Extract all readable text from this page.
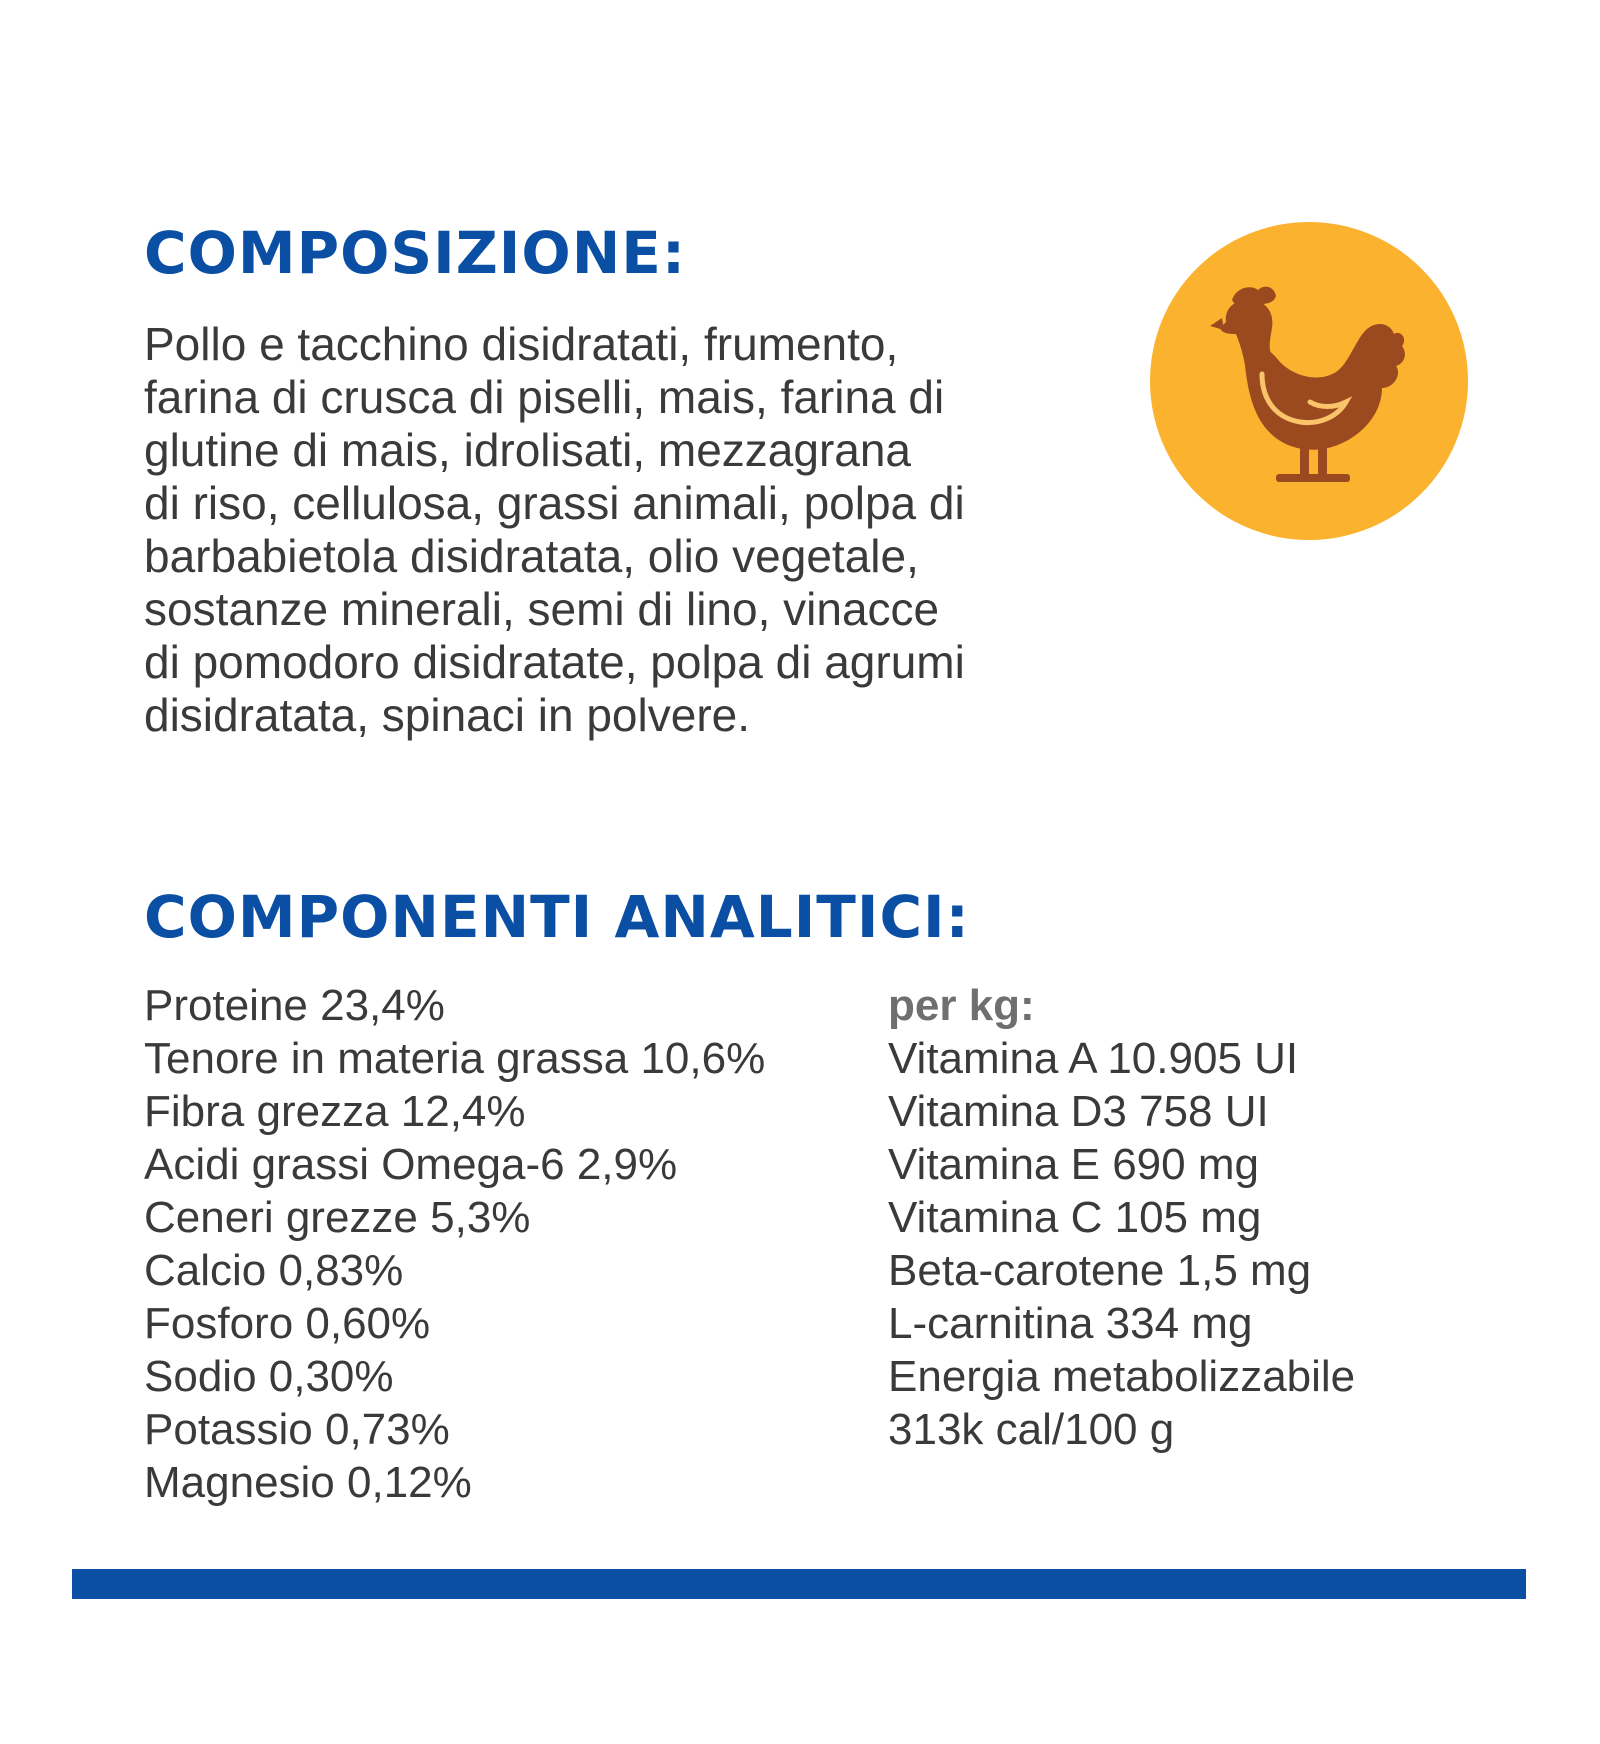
COMPOSIZIONE:

Pollo e tacchino disidratati, frumento,
farina di crusca di piselli, mais, farina di
glutine di mais, idrolisati, mezzagrana
di riso, cellulosa, grassi animali, polpa di
barbabietola disidratata, olio vegetale,
sostanze minerali, semi di lino, vinacce
di pomodoro disidratate, polpa di agrumi
disidratata, spinaci in polvere.

COMPONENTI ANALITICI:
Proteine 23,4%
Tenore in materia grassa 10,6%
Fibra grezza 12,4%
Acidi grassi Omega-6 2,9%
Ceneri grezze 5,3%
Calcio 0,83%
Fosforo 0,60%
Sodio 0,30%
Potassio 0,73%
Magnesio 0,12%
per kg:
Vitamina A 10.905 UI
Vitamina D3 758 UI
Vitamina E 690 mg
Vitamina C 105 mg
Beta-carotene 1,5 mg
L-carnitina 334 mg
Energia metabolizzabile
313k cal/100 g
